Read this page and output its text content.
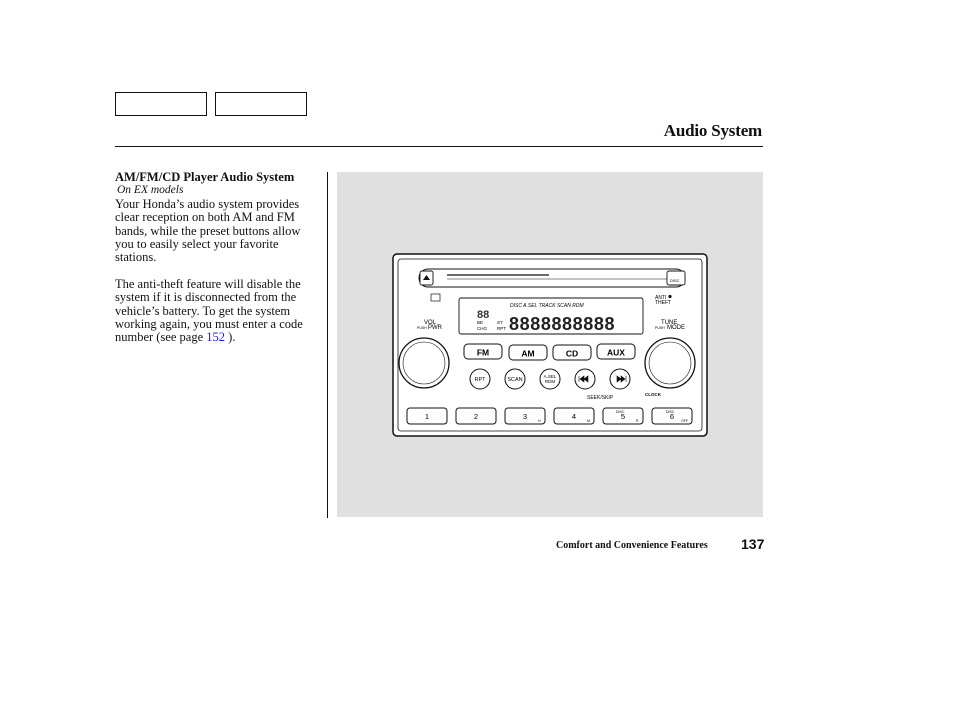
Audio System
AM/FM/CD Player Audio System
On EX models

Your Honda’s audio system provides clear reception on both AM and FM bands, while the preset buttons allow you to easily select your favorite stations.

The anti-theft feature will disable the system if it is disconnected from the vehicle’s battery. To get the system working again, you must enter a code number (see page 152 ).

DISC
DISC A.SEL TRACK SCAN RDM
88
BE	ST
CHG RPT 8888888888
VOL
PUSH PWR
TUNE
PUSH MODE
ANTI
THEFT
FM	AM	CD	AUX
RPT	SCAN
A.SEL
RDM
SEEK/SKIP
CLOCK
1	2	3	H	4	M
DISC
5	R
DISC
6 OFF
Comfort and Convenience Features 137
